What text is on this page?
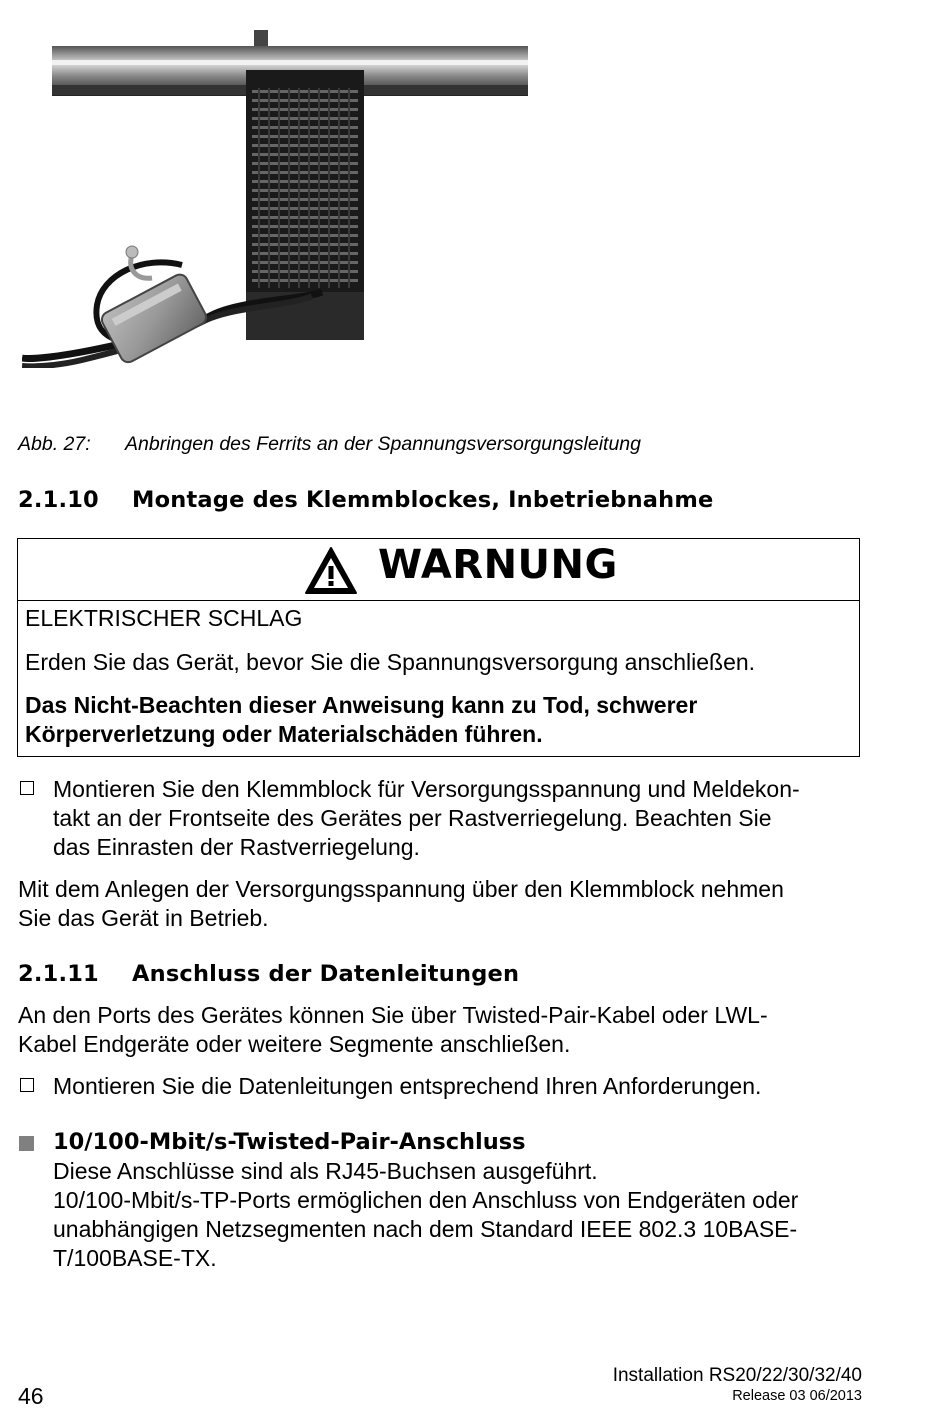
Abb. 27: Anbringen des Ferrits an der Spannungsversorgungsleitung
2.1.10 Montage des Klemmblockes, Inbetriebnahme
WARNUNG
ELEKTRISCHER SCHLAG
Erden Sie das Gerät, bevor Sie die Spannungsversorgung anschließen.
Das Nicht-Beachten dieser Anweisung kann zu Tod, schwerer Körperverletzung oder Materialschäden führen.
Montieren Sie den Klemmblock für Versorgungsspannung und Meldekon-
takt an der Frontseite des Gerätes per Rastverriegelung. Beachten Sie
das Einrasten der Rastverriegelung.
Mit dem Anlegen der Versorgungsspannung über den Klemmblock nehmen
Sie das Gerät in Betrieb.
2.1.11 Anschluss der Datenleitungen
An den Ports des Gerätes können Sie über Twisted-Pair-Kabel oder LWL-
Kabel Endgeräte oder weitere Segmente anschließen.
Montieren Sie die Datenleitungen entsprechend Ihren Anforderungen.
10/100-Mbit/s-Twisted-Pair-Anschluss
Diese Anschlüsse sind als RJ45-Buchsen ausgeführt.
10/100-Mbit/s-TP-Ports ermöglichen den Anschluss von Endgeräten oder
unabhängigen Netzsegmenten nach dem Standard IEEE 802.3 10BASE-
T/100BASE-TX.
46
Installation RS20/22/30/32/40
Release 03 06/2013
